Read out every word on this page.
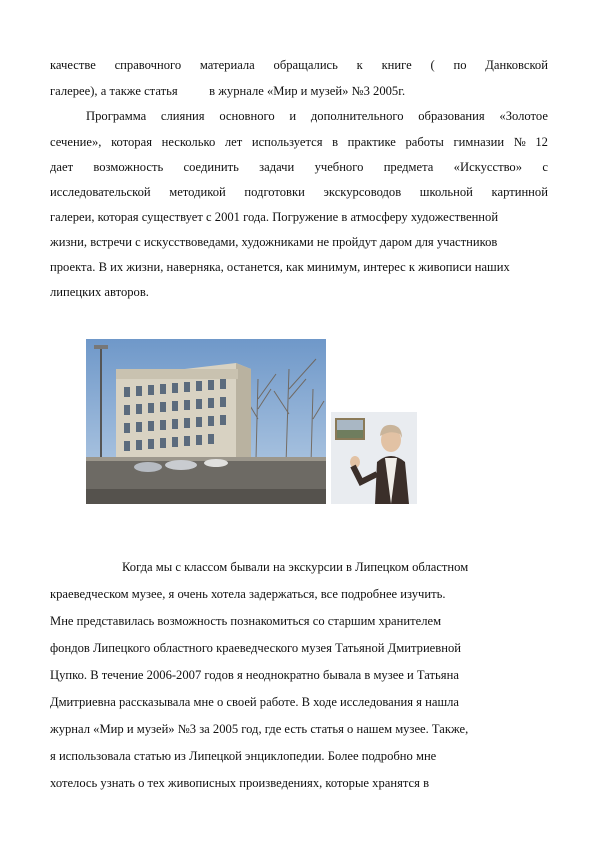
качестве справочного материала обращались к книге ( по Данковской
галерее), а также статья          в журнале «Мир и музей» №3 2005г.
Программа слияния основного и дополнительного образования «Золотое
сечение», которая несколько лет используется в практике работы гимназии № 12
дает возможность соединить задачи учебного предмета «Искусство» с
исследовательской методикой подготовки экскурсоводов школьной картинной
галереи, которая существует с 2001 года. Погружение в атмосферу художественной
жизни, встречи с искусствоведами, художниками не пройдут даром для участников
проекта. В их жизни, наверняка, останется, как минимум, интерес к живописи наших
липецких авторов.
Когда мы с классом бывали на экскурсии в Липецком областном
краеведческом музее, я очень хотела задержаться, все подробнее изучить.
Мне представилась возможность познакомиться со старшим хранителем
фондов Липецкого областного краеведческого музея Татьяной Дмитриевной
Цупко. В течение 2006-2007 годов я неоднократно бывала в музее и Татьяна
Дмитриевна рассказывала мне о своей работе. В ходе исследования я нашла
журнал «Мир и музей» №3 за 2005 год, где есть статья о нашем музее. Также,
я использовала статью из Липецкой энциклопедии. Более подробно мне
хотелось узнать о тех живописных произведениях, которые хранятся в
